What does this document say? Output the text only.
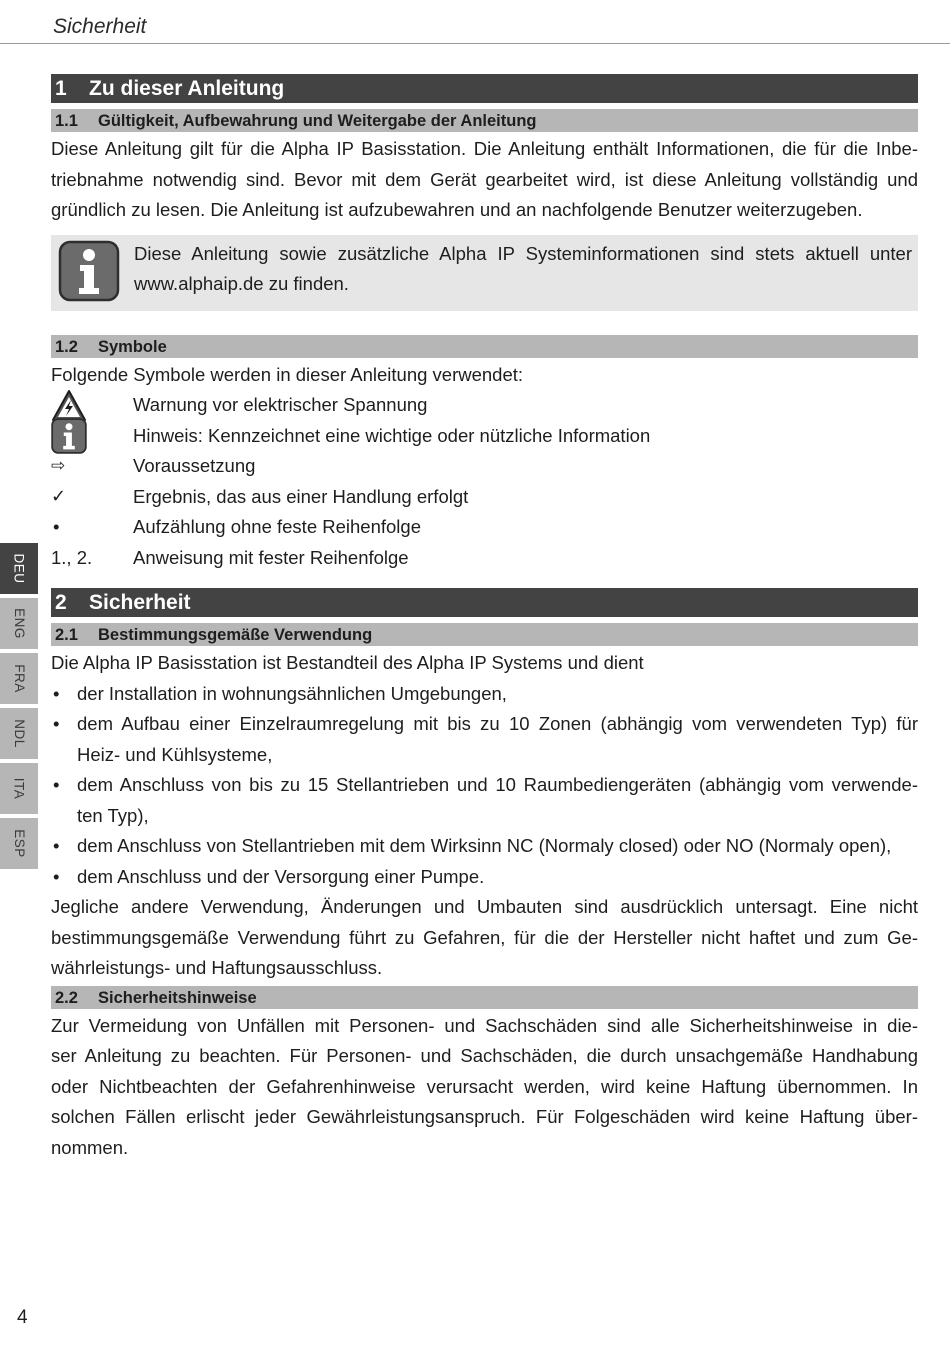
Sicherheit
1	Zu dieser Anleitung
1.1	Gültigkeit, Aufbewahrung und Weitergabe der Anleitung
Diese Anleitung gilt für die Alpha IP Basisstation. Die Anleitung enthält Informationen, die für die Inbe-
triebnahme notwendig sind. Bevor mit dem Gerät gearbeitet wird, ist diese Anleitung vollständig und
gründlich zu lesen. Die Anleitung ist aufzubewahren und an nachfolgende Benutzer weiterzugeben.
Diese Anleitung sowie zusätzliche Alpha IP Systeminformationen sind stets aktuell unter
www.alphaip.de zu finden.
1.2	Symbole
Folgende Symbole werden in dieser Anleitung verwendet:
Warnung vor elektrischer Spannung
Hinweis: Kennzeichnet eine wichtige oder nützliche Information
⇨	Voraussetzung
✓	Ergebnis, das aus einer Handlung erfolgt
•	Aufzählung ohne feste Reihenfolge
1., 2. Anweisung mit fester Reihenfolge
2	Sicherheit
2.1	Bestimmungsgemäße Verwendung
Die Alpha IP Basisstation ist Bestandteil des Alpha IP Systems und dient
• der Installation in wohnungsähnlichen Umgebungen,
• dem Aufbau einer Einzelraumregelung mit bis zu 10 Zonen (abhängig vom verwendeten Typ) für
Heiz- und Kühlsysteme,
• dem Anschluss von bis zu 15 Stellantrieben und 10 Raumbediengeräten (abhängig vom verwende-
ten Typ),
• dem Anschluss von Stellantrieben mit dem Wirksinn NC (Normaly closed) oder NO (Normaly open),
• dem Anschluss und der Versorgung einer Pumpe.
Jegliche andere Verwendung, Änderungen und Umbauten sind ausdrücklich untersagt. Eine nicht
bestimmungsgemäße Verwendung führt zu Gefahren, für die der Hersteller nicht haftet und zum Ge-
währleistungs- und Haftungsausschluss.
2.2	Sicherheitshinweise
Zur Vermeidung von Unfällen mit Personen- und Sachschäden sind alle Sicherheitshinweise in die-
ser Anleitung zu beachten. Für Personen- und Sachschäden, die durch unsachgemäße Handhabung
oder Nichtbeachten der Gefahrenhinweise verursacht werden, wird keine Haftung übernommen. In
solchen Fällen erlischt jeder Gewährleistungsanspruch. Für Folgeschäden wird keine Haftung über-
nommen.
DEU
ENG
FRA
NDL
ITA
ESP
4
